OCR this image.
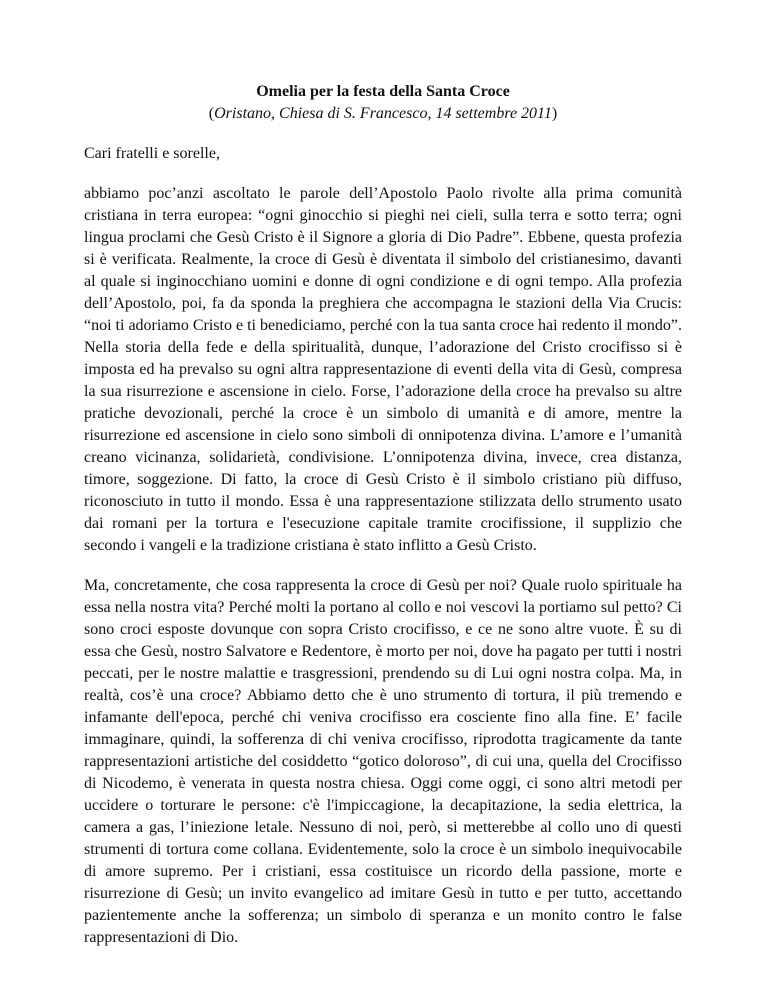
Omelia per la festa della Santa Croce

(Oristano, Chiesa di S. Francesco, 14 settembre 2011)

Cari fratelli e sorelle,

abbiamo poc’anzi ascoltato le parole dell’Apostolo Paolo rivolte alla prima comunità cristiana in terra europea: “ogni ginocchio si pieghi nei cieli, sulla terra e sotto terra; ogni lingua proclami che Gesù Cristo è il Signore a gloria di Dio Padre”. Ebbene, questa profezia si è verificata. Realmente, la croce di Gesù è diventata il simbolo del cristianesimo, davanti al quale si inginocchiano uomini e donne di ogni condizione e di ogni tempo. Alla profezia dell’Apostolo, poi, fa da sponda la preghiera che accompagna le stazioni della Via Crucis: “noi ti adoriamo Cristo e ti benediciamo, perché con la tua santa croce hai redento il mondo”. Nella storia della fede e della spiritualità, dunque, l’adorazione del Cristo crocifisso si è imposta ed ha prevalso su ogni altra rappresentazione di eventi della vita di Gesù, compresa la sua risurrezione e ascensione in cielo. Forse, l’adorazione della croce ha prevalso su altre pratiche devozionali, perché la croce è un simbolo di umanità e di amore, mentre la risurrezione ed ascensione in cielo sono simboli di onnipotenza divina. L’amore e l’umanità creano vicinanza, solidarietà, condivisione. L’onnipotenza divina, invece, crea distanza, timore, soggezione. Di fatto, la croce di Gesù Cristo è il simbolo cristiano più diffuso, riconosciuto in tutto il mondo. Essa è una rappresentazione stilizzata dello strumento usato dai romani per la tortura e l'esecuzione capitale tramite crocifissione, il supplizio che secondo i vangeli e la tradizione cristiana è stato inflitto a Gesù Cristo.

Ma, concretamente, che cosa rappresenta la croce di Gesù per noi? Quale ruolo spirituale ha essa nella nostra vita? Perché molti la portano al collo e noi vescovi la portiamo sul petto? Ci sono croci esposte dovunque con sopra Cristo crocifisso, e ce ne sono altre vuote. È su di essa che Gesù, nostro Salvatore e Redentore, è morto per noi, dove ha pagato per tutti i nostri peccati, per le nostre malattie e trasgressioni, prendendo su di Lui ogni nostra colpa. Ma, in realtà, cos’è una croce? Abbiamo detto che è uno strumento di tortura, il più tremendo e infamante dell'epoca, perché chi veniva crocifisso era cosciente fino alla fine. E’ facile immaginare, quindi, la sofferenza di chi veniva crocifisso, riprodotta tragicamente da tante rappresentazioni artistiche del cosiddetto “gotico doloroso”, di cui una, quella del Crocifisso di Nicodemo, è venerata in questa nostra chiesa. Oggi come oggi, ci sono altri metodi per uccidere o torturare le persone: c'è l'impiccagione, la decapitazione, la sedia elettrica, la camera a gas, l’iniezione letale. Nessuno di noi, però, si metterebbe al collo uno di questi strumenti di tortura come collana. Evidentemente, solo la croce è un simbolo inequivocabile di amore supremo. Per i cristiani, essa costituisce un ricordo della passione, morte e risurrezione di Gesù; un invito evangelico ad imitare Gesù in tutto e per tutto, accettando pazientemente anche la sofferenza; un simbolo di speranza e un monito contro le false rappresentazioni di Dio.
